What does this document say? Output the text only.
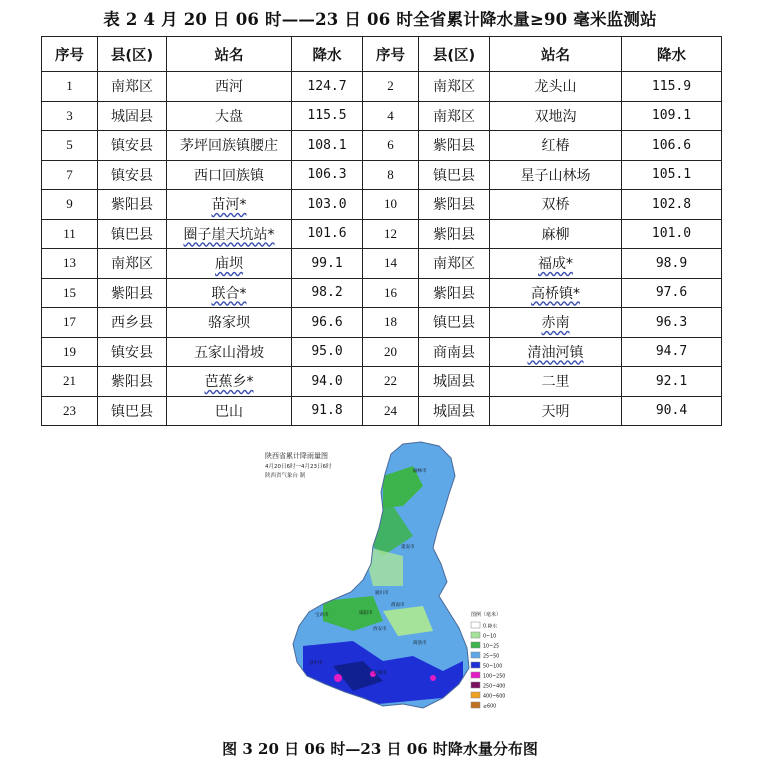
表 2 4 月 20 日 06 时——23 日 06 时全省累计降水量≥90 毫米监测站
序号	县(区)	站名	降水	序号	县(区)	站名	降水
1	南郑区	西河	124.7	2	南郑区	龙头山	115.9
3	城固县	大盘	115.5	4	南郑区	双地沟	109.1
5	镇安县	茅坪回族镇腰庄	108.1	6	紫阳县	红椿	106.6
7	镇安县	西口回族镇	106.3	8	镇巴县	星子山林场	105.1
9	紫阳县	苗河*	103.0	10	紫阳县	双桥	102.8
11	镇巴县	圈子崖天坑站*	101.6	12	紫阳县	麻柳	101.0
13	南郑区	庙坝	99.1	14	南郑区	福成*	98.9
15	紫阳县	联合*	98.2	16	紫阳县	高桥镇*	97.6
17	西乡县	骆家坝	96.6	18	镇巴县	赤南	96.3
19	镇安县	五家山滑坡	95.0	20	商南县	清油河镇	94.7
21	紫阳县	芭蕉乡*	94.0	22	城固县	二里	92.1
23	镇巴县	巴山	91.8	24	城固县	天明	90.4
陕西省累计降雨量图
4月20日6时一4月23日6时
陕西省气象台 制
榆林市
延安市
铜川市
渭南市
宝鸡市	咸阳市
西安市
汉中市
商洛市
安康市
图例（毫米）
0.降水
0~10
10~25
25~50
50~100
100~250
250~400
400~600
≥600
图 3 20 日 06 时—23 日 06 时降水量分布图
